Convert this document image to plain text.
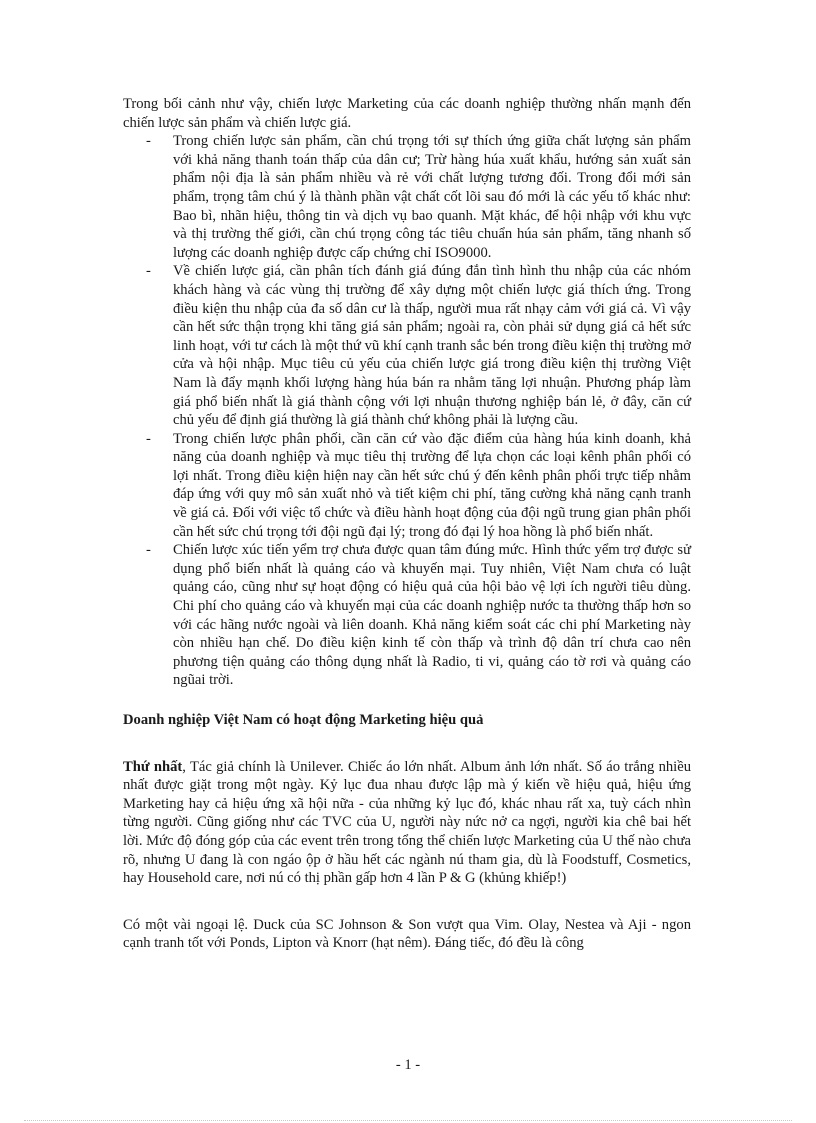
Trong bối cảnh như vậy, chiến lược Marketing của các doanh nghiệp thường nhấn mạnh đến chiến lược sản phẩm và chiến lược giá.

- Trong chiến lược sản phẩm, cần chú trọng tới sự thích ứng giữa chất lượng sản phẩm với khả năng thanh toán thấp của dân cư; Trừ hàng húa xuất khẩu, hướng sản xuất sản phẩm nội địa là sản phẩm nhiều và rẻ với chất lượng tương đối. Trong đổi mới sản phẩm, trọng tâm chú ý là thành phần vật chất cốt lõi sau đó mới là các yếu tố khác như: Bao bì, nhãn hiệu, thông tin và dịch vụ bao quanh. Mặt khác, để hội nhập với khu vực và thị trường thế giới, cần chú trọng công tác tiêu chuẩn húa sản phẩm, tăng nhanh số lượng các doanh nghiệp được cấp chứng chỉ ISO9000.
- Về chiến lược giá, cần phân tích đánh giá đúng đắn tình hình thu nhập của các nhóm khách hàng và các vùng thị trường để xây dựng một chiến lược giá thích ứng. Trong điều kiện thu nhập của đa số dân cư là thấp, người mua rất nhạy cảm với giá cả. Vì vậy cần hết sức thận trọng khi tăng giá sản phẩm; ngoài ra, còn phải sử dụng giá cả hết sức linh hoạt, với tư cách là một thứ vũ khí cạnh tranh sắc bén trong điều kiện thị trường mở cửa và hội nhập. Mục tiêu củ yếu của chiến lược giá trong điều kiện thị trường Việt Nam là đẩy mạnh khối lượng hàng húa bán ra nhằm tăng lợi nhuận. Phương pháp làm giá phổ biến nhất là giá thành cộng với lợi nhuận thương nghiệp bán lẻ, ở đây, căn cứ chủ yếu để định giá thường là giá thành chứ không phải là lượng cầu.
- Trong chiến lược phân phối, cần căn cứ vào đặc điểm của hàng húa kinh doanh, khả năng của doanh nghiệp và mục tiêu thị trường để lựa chọn các loại kênh phân phối có lợi nhất. Trong điều kiện hiện nay cần hết sức chú ý đến kênh phân phối trực tiếp nhằm đáp ứng với quy mô sản xuất nhỏ và tiết kiệm chi phí, tăng cường khả năng cạnh tranh về giá cả. Đối với việc tổ chức và điều hành hoạt động của đội ngũ trung gian phân phối cần hết sức chú trọng tới đội ngũ đại lý; trong đó đại lý hoa hồng là phổ biến nhất.
- Chiến lược xúc tiến yểm trợ chưa được quan tâm đúng mức. Hình thức yểm trợ được sử dụng phổ biến nhất là quảng cáo và khuyến mại. Tuy nhiên, Việt Nam chưa có luật quảng cáo, cũng như sự hoạt động có hiệu quả của hội bảo vệ lợi ích người tiêu dùng. Chi phí cho quảng cáo và khuyến mại của các doanh nghiệp nước ta thường thấp hơn so với các hãng nước ngoài và liên doanh. Khả năng kiểm soát các chi phí Marketing này còn nhiều hạn chế. Do điều kiện kinh tế còn thấp và trình độ dân trí chưa cao nên phương tiện quảng cáo thông dụng nhất là Radio, ti vi, quảng cáo tờ rơi và quảng cáo ngũai trời.

Doanh nghiệp Việt Nam có hoạt động Marketing hiệu quả

Thứ nhất, Tác giả chính là Unilever. Chiếc áo lớn nhất. Album ảnh lớn nhất. Số áo trắng nhiều nhất được giặt trong một ngày. Kỷ lục đua nhau được lập mà ý kiến về hiệu quả, hiệu ứng Marketing hay cả hiệu ứng xã hội nữa - của những kỷ lục đó, khác nhau rất xa, tuỳ cách nhìn từng người. Cũng giống như các TVC của U, người này nức nở ca ngợi, người kia chê bai hết lời. Mức độ đóng góp của các event trên trong tổng thể chiến lược Marketing của U thế nào chưa rõ, nhưng U đang là con ngáo ộp ở hầu hết các ngành nú tham gia, dù là Foodstuff, Cosmetics, hay Household care, nơi nú có thị phần gấp hơn 4 lần P & G (khủng khiếp!)

Có một vài ngoại lệ. Duck của SC Johnson & Son vượt qua Vim. Olay, Nestea và Aji - ngon cạnh tranh tốt với Ponds, Lipton và Knorr (hạt nêm). Đáng tiếc, đó đều là công

- 1 -
